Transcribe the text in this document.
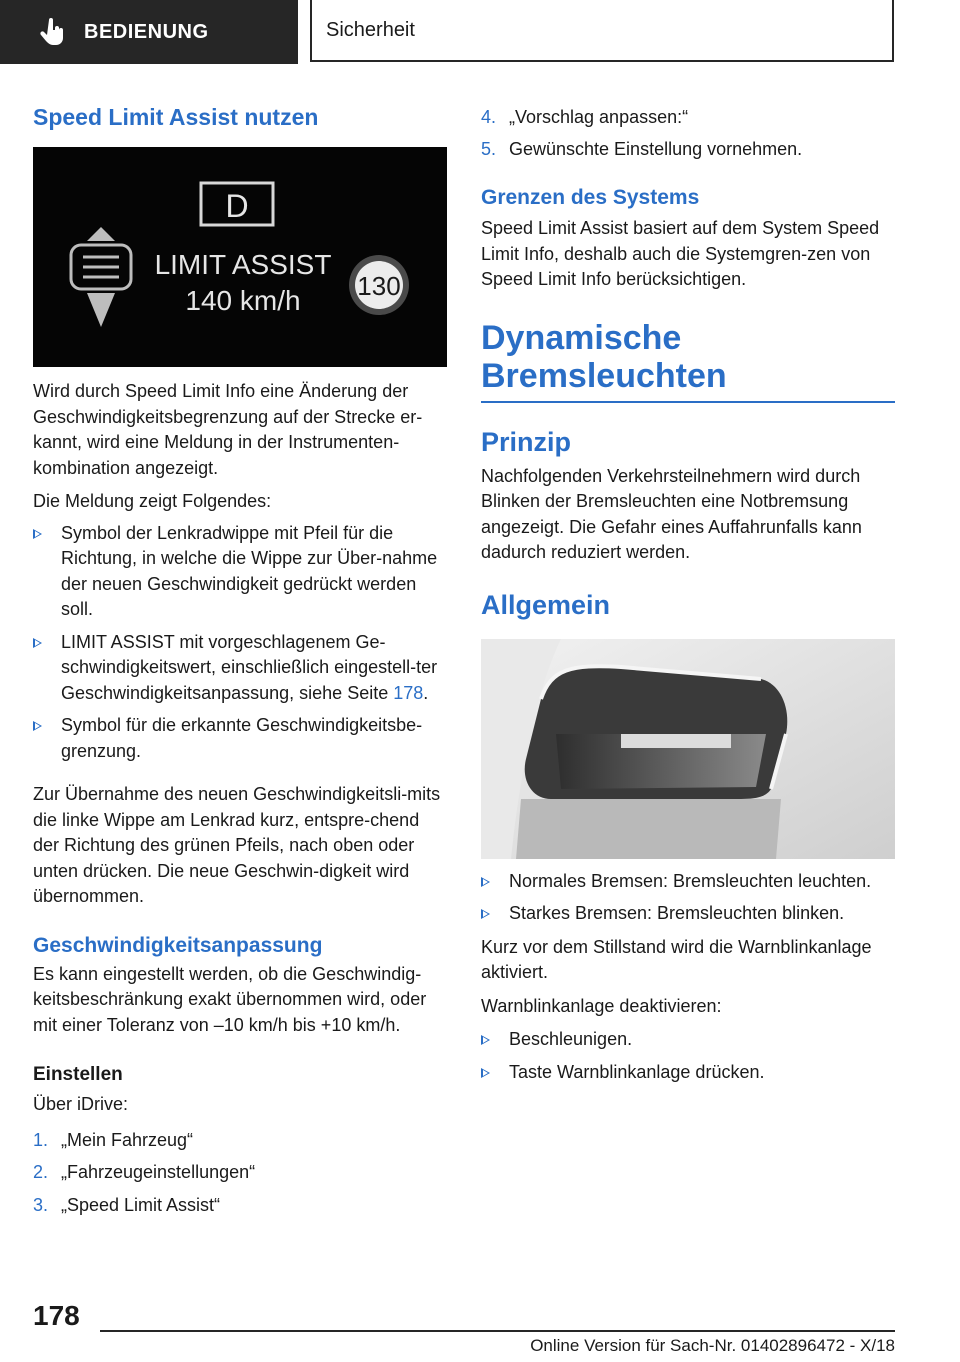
BEDIENUNG	Sicherheit
Speed Limit Assist nutzen
D
LIMIT ASSIST
140 km/h 130

Wird durch Speed Limit Info eine Änderung der Geschwindigkeitsbegrenzung auf der Strecke er-kannt, wird eine Meldung in der Instrumenten-kombination angezeigt.

Die Meldung zeigt Folgendes:

Symbol der Lenkradwippe mit Pfeil für die Richtung, in welche die Wippe zur Über-nahme der neuen Geschwindigkeit gedrückt werden soll.
LIMIT ASSIST mit vorgeschlagenem Ge-schwindigkeitswert, einschließlich eingestell-ter Geschwindigkeitsanpassung, siehe Seite 178.
Symbol für die erkannte Geschwindigkeitsbe-grenzung.

Zur Übernahme des neuen Geschwindigkeitsli-mits die linke Wippe am Lenkrad kurz, entspre-chend der Richtung des grünen Pfeils, nach oben oder unten drücken. Die neue Geschwin-digkeit wird übernommen.

Geschwindigkeitsanpassung

Es kann eingestellt werden, ob die Geschwindig-keitsbeschränkung exakt übernommen wird, oder mit einer Toleranz von –10 km/h bis +10 km/h.

Einstellen

Über iDrive:

1. „Mein Fahrzeug“
2. „Fahrzeugeinstellungen“
3. „Speed Limit Assist“
4. „Vorschlag anpassen:“
5. Gewünschte Einstellung vornehmen.
Grenzen des Systems

Speed Limit Assist basiert auf dem System Speed Limit Info, deshalb auch die Systemgren-zen von Speed Limit Info berücksichtigen.

Dynamische
Bremsleuchten
Prinzip

Nachfolgenden Verkehrsteilnehmern wird durch Blinken der Bremsleuchten eine Notbremsung angezeigt. Die Gefahr eines Auffahrunfalls kann dadurch reduziert werden.

Allgemein
Normales Bremsen: Bremsleuchten leuchten.
Starkes Bremsen: Bremsleuchten blinken.

Kurz vor dem Stillstand wird die Warnblinkanlage aktiviert.

Warnblinkanlage deaktivieren:

Beschleunigen.
Taste Warnblinkanlage drücken.
178
Online Version für Sach-Nr. 01402896472 - X/18
